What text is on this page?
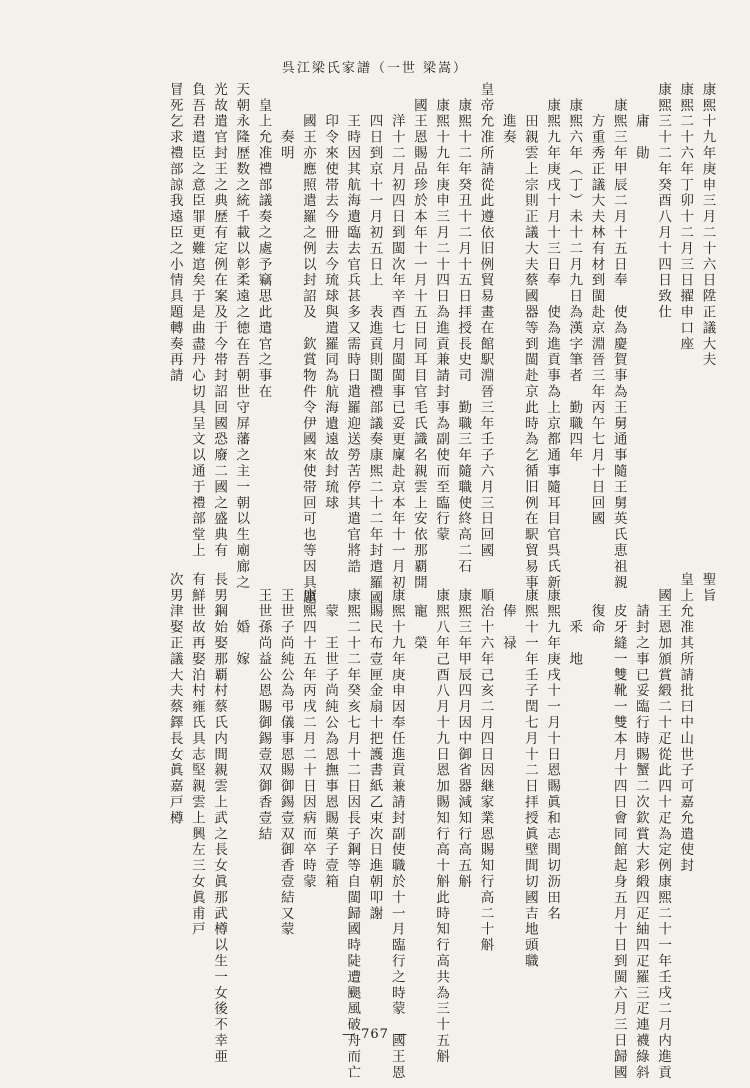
呉江梁氏家譜（一世 梁嵩）
康煕十九年庚申三月二十六日陞正議大夫
康煕二十六年丁卯十二月三日擢申口座
康煕三十二年癸酉八月十四日致仕
　　庸　勛
　康煕三年甲辰二月十五日奉　使為慶賀事為王舅通事隨王舅英氏恵祖親
　　方重秀正議大夫林有材到閩赴京淵晉三年丙午七月十日回國
　康煕六年（丁）未十二月九日為漢字筆者　勤職四年
　康煕九年庚戌十月十三日奉　使為進貢事為上京都通事隨耳目官呉氏新
　　田親雲上宗則正議大夫蔡國器等到閩赴京此時為乞循旧例在駅貿易事
　　進奏
皇帝允准所請從此遵依旧例貿易畫在館駅淵晉三年壬子六月三日回國
　康煕十二年癸丑十二月十五日拝授長史司　勤職三年隨職使終高二石
　康煕十九年庚申三月二十四日為進貢兼請封事為副使而至臨行蒙
　國王恩賜品珍於本年十一月十五日同耳目官毛氏識名親雲上安依那覇開
　　洋十二月初四日到閩次年辛酉七月閩閩事已妥更廩赴京本年十一月初
　　四日到京十一月初五日上　表進貢則閩禮部議奏康煕二十二年封遣羅國
　　王時因其航海遺臨去官兵甚多又需時日遣羅迎送勞苦停其遣官將誥
　　印令來使帯去今冊去今琉球與遣羅同為航海遺遠故封琉球
　　國王亦應照遣羅之例以封詔及　欽賞物件令伊國來使帯回可也等因具題
　　　奏明
　皇上允准禮部議奏之處予竊思此遣官之事在
天朝永隆歴数之統千載以彰柔遠之徳在吾朝世守屏藩之主一朝以生廟廊之
光故遣官封王之典歴有定例在案及于今帯封詔回國恐廢二國之盛典有
負吾君遣臣之意臣罪更難逭矣于是曲盡丹心切具呈文以通于禮部堂上
冒死乞求禮部諒我遠臣之小情具題轉奏再請
聖旨
皇上允准其所請批曰中山世子可嘉允遣使封
　國王恩加頒賞緞二十疋從此四十疋為定例康煕二十一年壬戌二月内進貢
　　請封之事已妥臨行時賜蟹二次欽賞大彩緞四疋紬四疋羅三疋連襪綠斜
　　皮牙縫一雙靴一雙本月十四日會同館起身五月十日到閩六月三日歸國
　　復命
　　　釆　地
　康煕九年庚戌十一月十日恩賜眞和志間切沥田名
　康煕十一年壬子閏七月十二日拝授眞壁間切國吉地頭職
　　俸　禄
　順治十六年己亥二月四日因継家業恩賜知行高二十斛
　康煕三年甲辰四月因中御省器減知行高五斛
　康煕八年己酉八月十九日恩加賜知行高十斛此時知行高共為三十五斛
　　寵　榮
　康煕十九年庚申因奉任進貢兼請封副使職於十一月臨行之時蒙　國王恩
　　賜民布壹匣金扇十把護書紙乙束次日進朝叩謝
　康煕二十二年癸亥七月十二日因長子鋼等自閩歸國時陡遭颶風破舟而亡
　　蒙　王世子尚純公為恩撫事恩賜菓子壹箱
　康煕四十五年丙戌二月二十日因病而卒時蒙
　王世子尚純公為弔儀事恩賜御錫壹双御香壹結又蒙
　王世孫尚益公恩賜御錫壹双御香壹結
　　　婚　嫁
長男鋼始娶那覇村蔡氏内間親雲上武之長女眞那武樽以生一女後不幸亜
有鮮世故再娶泊村雍氏具志堅親雲上興左三女眞甫戸
次男津娶正議大夫蔡鐸長女眞嘉戸樽
— 767 —
